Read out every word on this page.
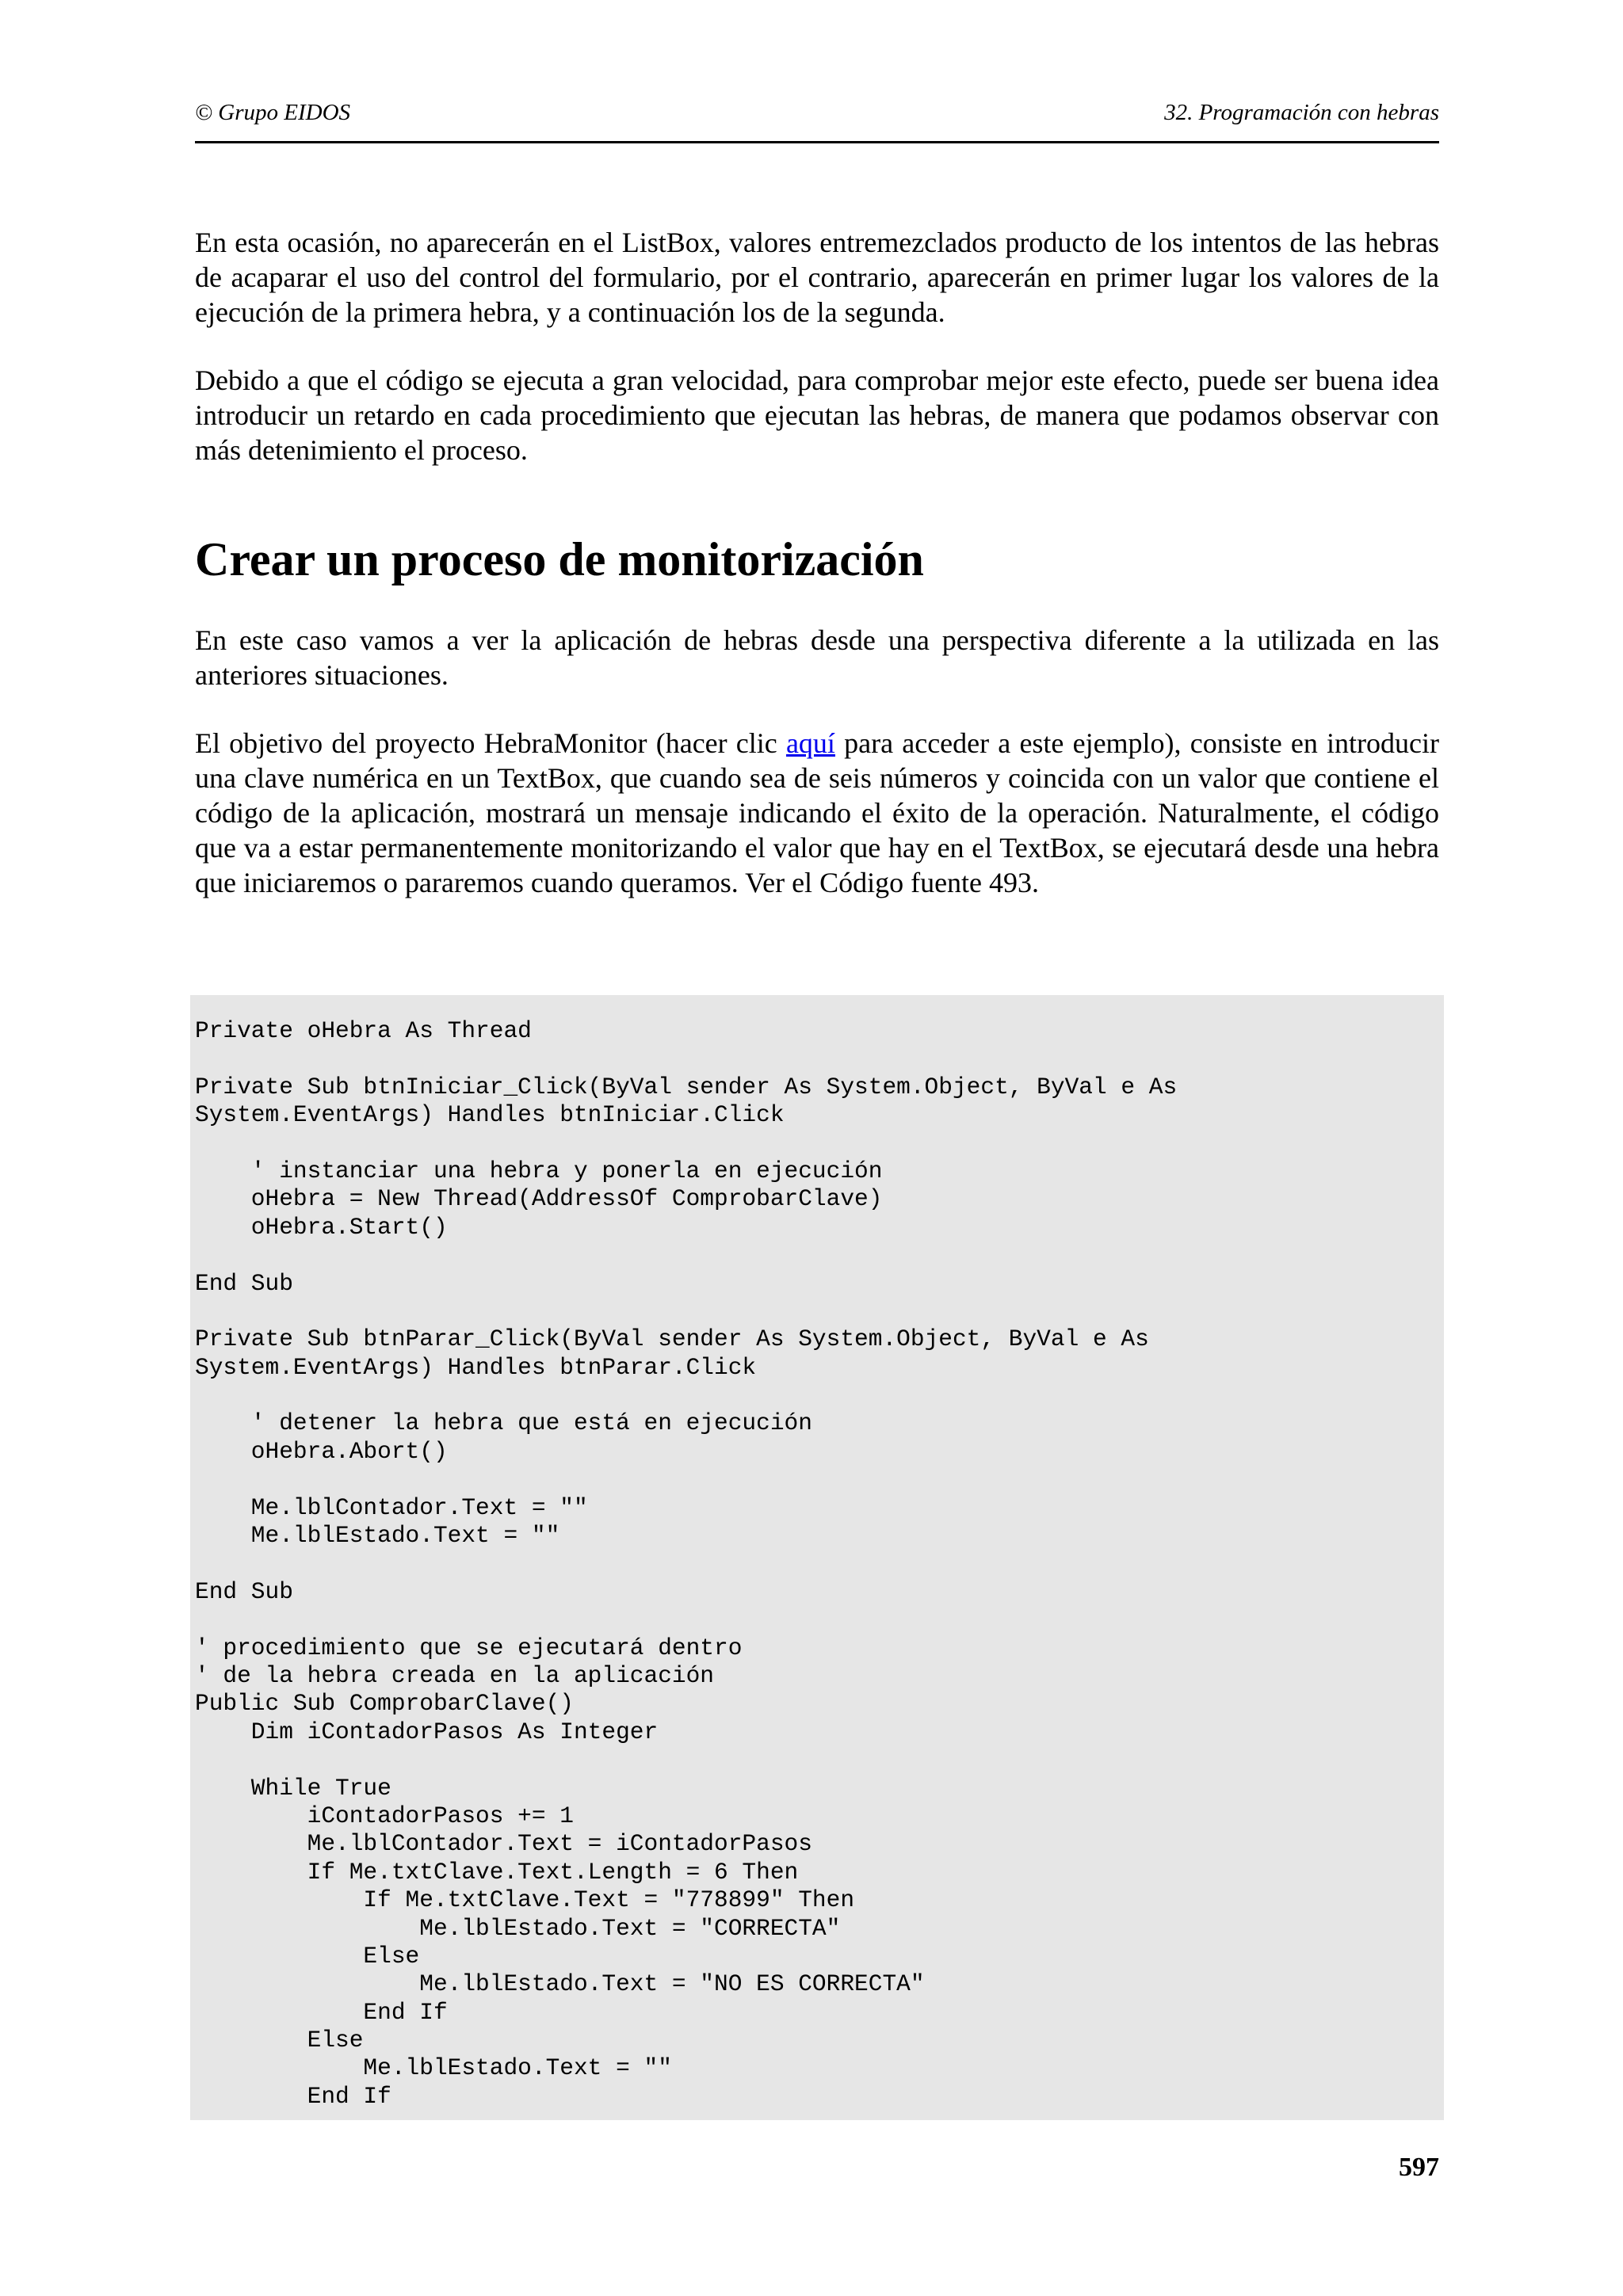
© Grupo EIDOS	32. Programación con hebras

En esta ocasión, no aparecerán en el ListBox, valores entremezclados producto de los intentos de las hebras de acaparar el uso del control del formulario, por el contrario, aparecerán en primer lugar los valores de la ejecución de la primera hebra, y a continuación los de la segunda.

Debido a que el código se ejecuta a gran velocidad, para comprobar mejor este efecto, puede ser buena idea introducir un retardo en cada procedimiento que ejecutan las hebras, de manera que podamos observar con más detenimiento el proceso.

Crear un proceso de monitorización

En este caso vamos a ver la aplicación de hebras desde una perspectiva diferente a la utilizada en las anteriores situaciones.

El objetivo del proyecto HebraMonitor (hacer clic aquí para acceder a este ejemplo), consiste en introducir una clave numérica en un TextBox, que cuando sea de seis números y coincida con un valor que contiene el código de la aplicación, mostrará un mensaje indicando el éxito de la operación. Naturalmente, el código que va a estar permanentemente monitorizando el valor que hay en el TextBox, se ejecutará desde una hebra que iniciaremos o pararemos cuando queramos. Ver el Código fuente 493.

Private oHebra As Thread
Private Sub btnIniciar_Click(ByVal sender As System.Object, ByVal e As
System.EventArgs) Handles btnIniciar.Click
' instanciar una hebra y ponerla en ejecución
oHebra = New Thread(AddressOf ComprobarClave)
oHebra.Start()
End Sub
Private Sub btnParar_Click(ByVal sender As System.Object, ByVal e As
System.EventArgs) Handles btnParar.Click
' detener la hebra que está en ejecución
oHebra.Abort()
Me.lblContador.Text = ""
Me.lblEstado.Text = ""
End Sub
' procedimiento que se ejecutará dentro
' de la hebra creada en la aplicación
Public Sub ComprobarClave()
Dim iContadorPasos As Integer
While True
iContadorPasos += 1
Me.lblContador.Text = iContadorPasos
If Me.txtClave.Text.Length = 6 Then
If Me.txtClave.Text = "778899" Then
Me.lblEstado.Text = "CORRECTA"
Else
Me.lblEstado.Text = "NO ES CORRECTA"
End If
Else
Me.lblEstado.Text = ""
End If
597
